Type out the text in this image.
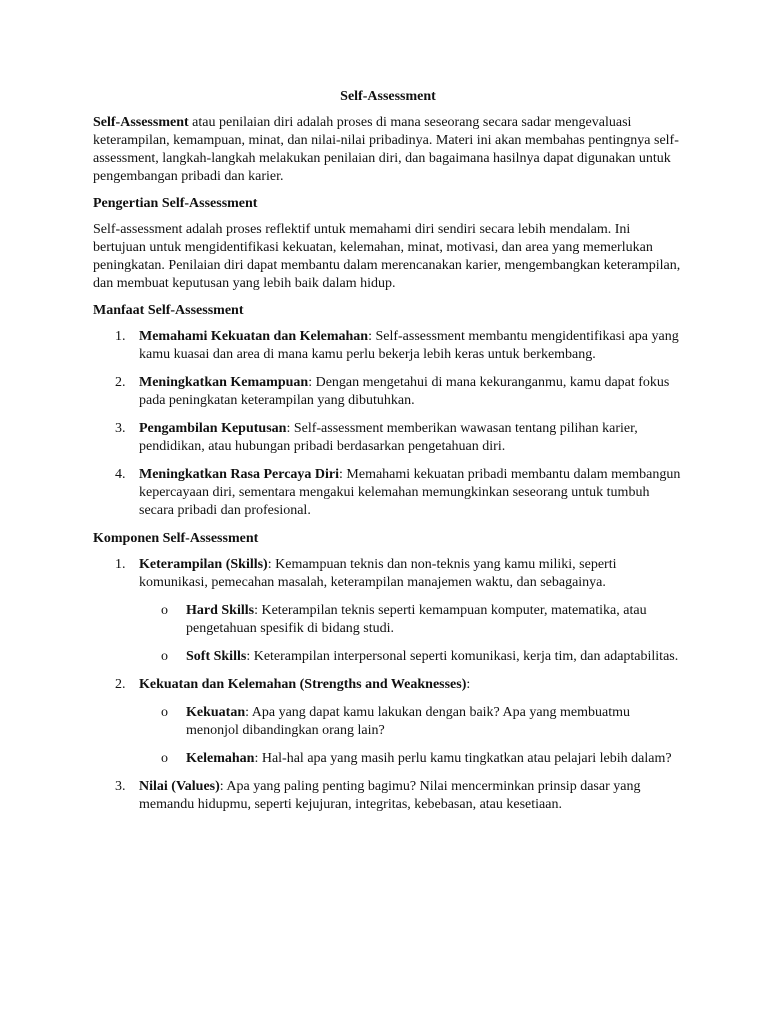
Self-Assessment

Self-Assessment atau penilaian diri adalah proses di mana seseorang secara sadar mengevaluasi keterampilan, kemampuan, minat, dan nilai-nilai pribadinya. Materi ini akan membahas pentingnya self-assessment, langkah-langkah melakukan penilaian diri, dan bagaimana hasilnya dapat digunakan untuk pengembangan pribadi dan karier.

Pengertian Self-Assessment

Self-assessment adalah proses reflektif untuk memahami diri sendiri secara lebih mendalam. Ini bertujuan untuk mengidentifikasi kekuatan, kelemahan, minat, motivasi, dan area yang memerlukan peningkatan. Penilaian diri dapat membantu dalam merencanakan karier, mengembangkan keterampilan, dan membuat keputusan yang lebih baik dalam hidup.

Manfaat Self-Assessment
1. Memahami Kekuatan dan Kelemahan: Self-assessment membantu mengidentifikasi apa yang kamu kuasai dan area di mana kamu perlu bekerja lebih keras untuk berkembang.
2. Meningkatkan Kemampuan: Dengan mengetahui di mana kekuranganmu, kamu dapat fokus pada peningkatan keterampilan yang dibutuhkan.
3. Pengambilan Keputusan: Self-assessment memberikan wawasan tentang pilihan karier, pendidikan, atau hubungan pribadi berdasarkan pengetahuan diri.
4. Meningkatkan Rasa Percaya Diri: Memahami kekuatan pribadi membantu dalam membangun kepercayaan diri, sementara mengakui kelemahan memungkinkan seseorang untuk tumbuh secara pribadi dan profesional.
Komponen Self-Assessment
1. Keterampilan (Skills): Kemampuan teknis dan non-teknis yang kamu miliki, seperti komunikasi, pemecahan masalah, keterampilan manajemen waktu, dan sebagainya.
o Hard Skills: Keterampilan teknis seperti kemampuan komputer, matematika, atau pengetahuan spesifik di bidang studi.
o Soft Skills: Keterampilan interpersonal seperti komunikasi, kerja tim, dan adaptabilitas.
2. Kekuatan dan Kelemahan (Strengths and Weaknesses):
o Kekuatan: Apa yang dapat kamu lakukan dengan baik? Apa yang membuatmu menonjol dibandingkan orang lain?
o Kelemahan: Hal-hal apa yang masih perlu kamu tingkatkan atau pelajari lebih dalam?
3. Nilai (Values): Apa yang paling penting bagimu? Nilai mencerminkan prinsip dasar yang memandu hidupmu, seperti kejujuran, integritas, kebebasan, atau kesetiaan.
